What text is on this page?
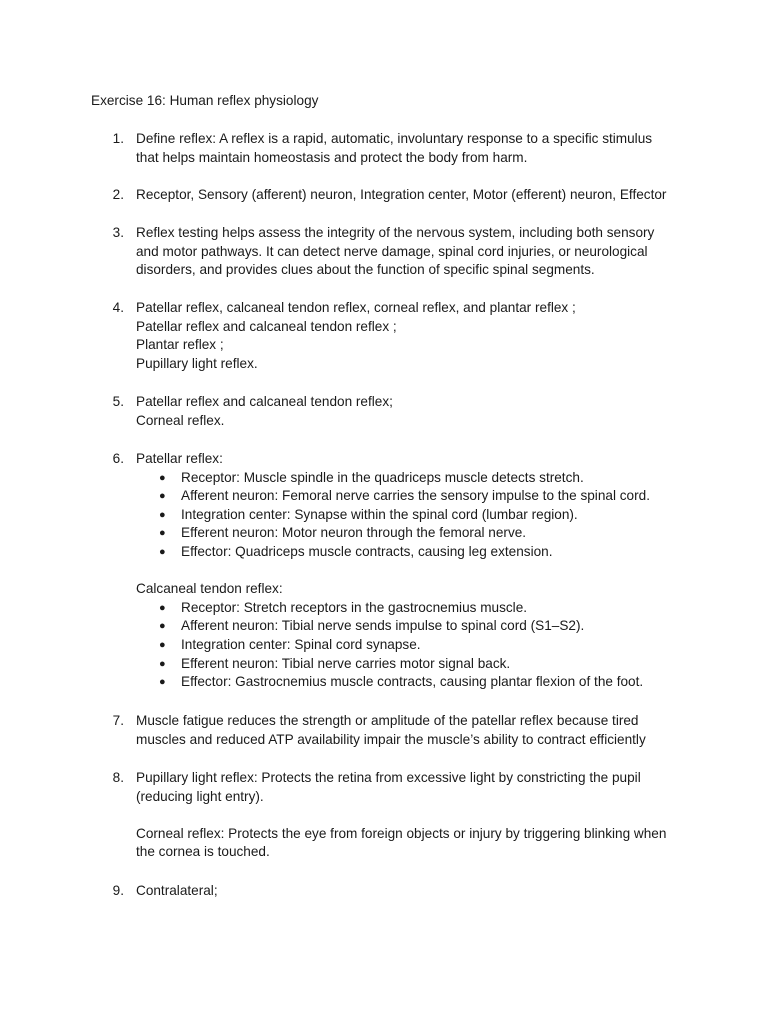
Exercise 16: Human reflex physiology
1. Define reflex: A reflex is a rapid, automatic, involuntary response to a specific stimulus
that helps maintain homeostasis and protect the body from harm.
2. Receptor, Sensory (afferent) neuron, Integration center, Motor (efferent) neuron, Effector
3. Reflex testing helps assess the integrity of the nervous system, including both sensory
and motor pathways. It can detect nerve damage, spinal cord injuries, or neurological
disorders, and provides clues about the function of specific spinal segments.
4. Patellar reflex, calcaneal tendon reflex, corneal reflex, and plantar reflex ;
Patellar reflex and calcaneal tendon reflex ;
Plantar reflex ;
Pupillary light reflex.
5. Patellar reflex and calcaneal tendon reflex;
Corneal reflex.
6. Patellar reflex:
● Receptor: Muscle spindle in the quadriceps muscle detects stretch.
● Afferent neuron: Femoral nerve carries the sensory impulse to the spinal cord.
● Integration center: Synapse within the spinal cord (lumbar region).
● Efferent neuron: Motor neuron through the femoral nerve.
● Effector: Quadriceps muscle contracts, causing leg extension.
Calcaneal tendon reflex:
● Receptor: Stretch receptors in the gastrocnemius muscle.
● Afferent neuron: Tibial nerve sends impulse to spinal cord (S1–S2).
● Integration center: Spinal cord synapse.
● Efferent neuron: Tibial nerve carries motor signal back.
● Effector: Gastrocnemius muscle contracts, causing plantar flexion of the foot.
7. Muscle fatigue reduces the strength or amplitude of the patellar reflex because tired
muscles and reduced ATP availability impair the muscle’s ability to contract efficiently
8. Pupillary light reflex: Protects the retina from excessive light by constricting the pupil
(reducing light entry).
Corneal reflex: Protects the eye from foreign objects or injury by triggering blinking when
the cornea is touched.
9. Contralateral;
